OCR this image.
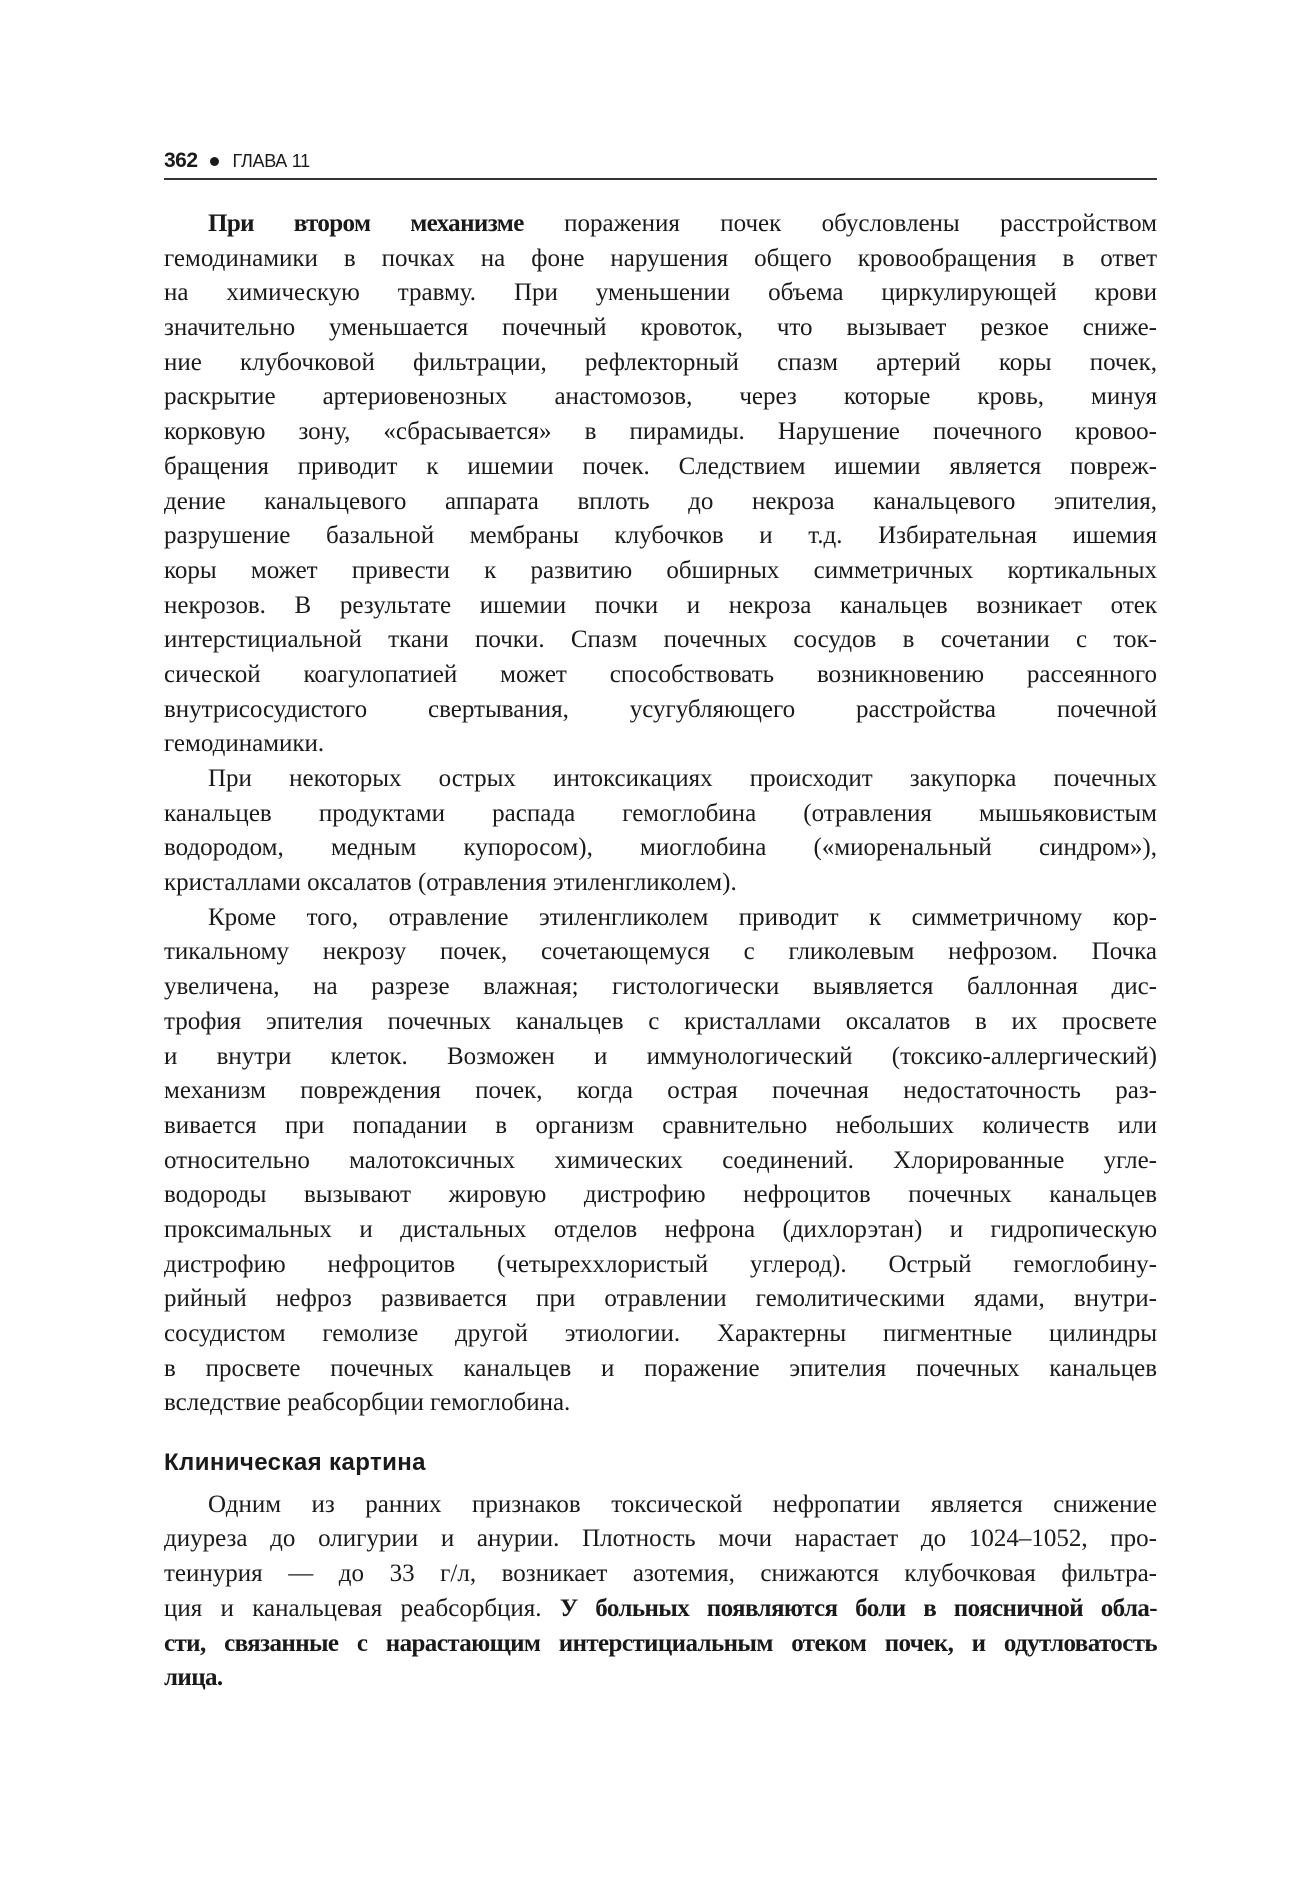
362 ГЛАВА 11
При втором механизме поражения почек обусловлены расстройством
гемодинамики в почках на фоне нарушения общего кровообращения в ответ
на химическую травму. При уменьшении объема циркулирующей крови
значительно уменьшается почечный кровоток, что вызывает резкое сниже-
ние клубочковой фильтрации, рефлекторный спазм артерий коры почек,
раскрытие артериовенозных анастомозов, через которые кровь, минуя
корковую зону, «сбрасывается» в пирамиды. Нарушение почечного кровоо-
бращения приводит к ишемии почек. Следствием ишемии является повреж-
дение канальцевого аппарата вплоть до некроза канальцевого эпителия,
разрушение базальной мембраны клубочков и т.д. Избирательная ишемия
коры может привести к развитию обширных симметричных кортикальных
некрозов. В результате ишемии почки и некроза канальцев возникает отек
интерстициальной ткани почки. Спазм почечных сосудов в сочетании с ток-
сической коагулопатией может способствовать возникновению рассеянного
внутрисосудистого свертывания, усугубляющего расстройства почечной
гемодинамики.
При некоторых острых интоксикациях происходит закупорка почечных
канальцев продуктами распада гемоглобина (отравления мышьяковистым
водородом, медным купоросом), миоглобина («миоренальный синдром»),
кристаллами оксалатов (отравления этиленгликолем).
Кроме того, отравление этиленгликолем приводит к симметричному кор-
тикальному некрозу почек, сочетающемуся с гликолевым нефрозом. Почка
увеличена, на разрезе влажная; гистологически выявляется баллонная дис-
трофия эпителия почечных канальцев с кристаллами оксалатов в их просвете
и внутри клеток. Возможен и иммунологический (токсико-аллергический)
механизм повреждения почек, когда острая почечная недостаточность раз-
вивается при попадании в организм сравнительно небольших количеств или
относительно малотоксичных химических соединений. Хлорированные угле-
водороды вызывают жировую дистрофию нефроцитов почечных канальцев
проксимальных и дистальных отделов нефрона (дихлорэтан) и гидропическую
дистрофию нефроцитов (четыреххлористый углерод). Острый гемоглобину-
рийный нефроз развивается при отравлении гемолитическими ядами, внутри-
сосудистом гемолизе другой этиологии. Характерны пигментные цилиндры
в просвете почечных канальцев и поражение эпителия почечных канальцев
вследствие реабсорбции гемоглобина.
Клиническая картина
Одним из ранних признаков токсической нефропатии является снижение
диуреза до олигурии и анурии. Плотность мочи нарастает до 1024–1052, про-
теинурия — до 33 г/л, возникает азотемия, снижаются клубочковая фильтра-
ция и канальцевая реабсорбция. У больных появляются боли в поясничной обла-
сти, связанные с нарастающим интерстициальным отеком почек, и одутловатость
лица.
